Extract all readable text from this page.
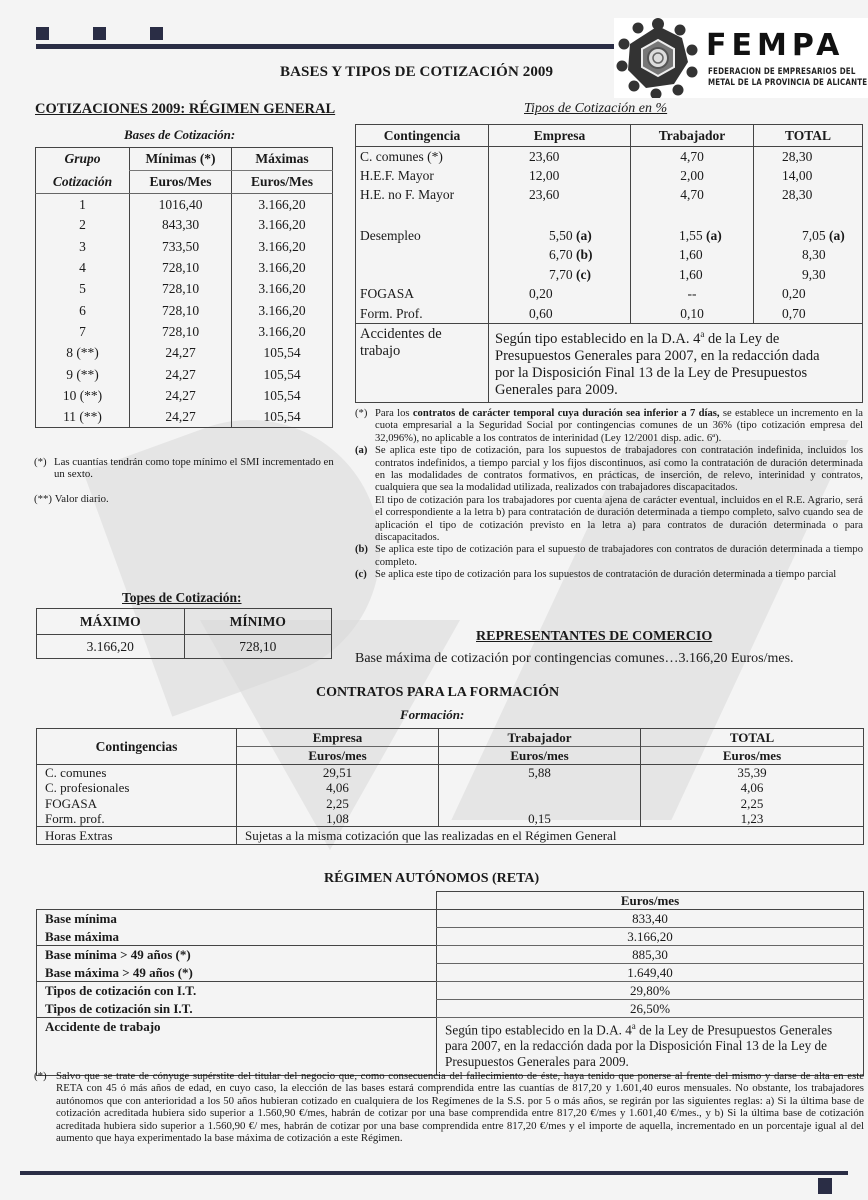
FEMPA
FEDERACION DE EMPRESARIOS DEL
METAL DE LA PROVINCIA DE ALICANTE
BASES Y TIPOS DE COTIZACIÓN 2009
COTIZACIONES 2009: RÉGIMEN GENERAL
Bases de Cotización:
Grupo	Mínimas (*)	Máximas
Cotización	Euros/Mes	Euros/Mes
1	1016,40	3.166,20
2	843,30	3.166,20
3	733,50	3.166,20
4	728,10	3.166,20
5	728,10	3.166,20
6	728,10	3.166,20
7	728,10	3.166,20
8 (**)	24,27	105,54
9 (**)	24,27	105,54
10 (**)	24,27	105,54
11 (**)	24,27	105,54
(*) Las cuantías tendrán como tope mínimo el SMI incrementado en un sexto.
(**)
Valor diario.
Topes de Cotización:
MÁXIMO	MÍNIMO
3.166,20	728,10
Tipos de Cotización en %
Contingencia	Empresa	Trabajador	TOTAL
C. comunes (*)	23,60	4,70	28,30
H.E.F. Mayor	12,00	2,00	14,00
H.E. no F. Mayor	23,60	4,70	28,30

Desempleo	5,50 (a)	1,55 (a)	7,05 (a)
	6,70 (b)	1,60	8,30
	7,70 (c)	1,60	9,30
FOGASA	0,20	--	0,20
Form. Prof.	0,60	0,10	0,70
Accidentes de trabajo	Según tipo establecido en la D.A. 4$^a$ de la Ley de Presupuestos Generales para 2007, en la redacción dada por la Disposición Final 13 de la Ley de Presupuestos Generales para 2009.		
(*) Para los contratos de carácter temporal cuya duración sea inferior a 7 días, se establece un incremento en la cuota empresarial a la Seguridad Social por contingencias comunes de un 36% (tipo cotización empresa del 32,096%), no aplicable a los contratos de interinidad (Ley 12/2001 disp. adic. 6ª).
(a) Se aplica este tipo de cotización, para los supuestos de trabajadores con contratación indefinida, incluidos los contratos indefinidos, a tiempo parcial y los fijos discontinuos, así como la contratación de duración determinada en las modalidades de contratos formativos, en prácticas, de inserción, de relevo, interinidad y contratos, cualquiera que sea la modalidad utilizada, realizados con trabajadores discapacitados.
El tipo de cotización para los trabajadores por cuenta ajena de carácter eventual, incluidos en el R.E. Agrario, será el correspondiente a la letra b) para contratación de duración determinada a tiempo completo, salvo cuando sea de aplicación el tipo de cotización previsto en la letra a) para contratos de duración determinada o para discapacitados.
(b) Se aplica este tipo de cotización para el supuesto de trabajadores con contratos de duración determinada a tiempo completo.
(c) Se aplica este tipo de cotización para los supuestos de contratación de duración determinada a tiempo parcial
REPRESENTANTES DE COMERCIO
Base máxima de cotización por contingencias comunes…3.166,20 Euros/mes.
CONTRATOS PARA LA FORMACIÓN
Formación:
Contingencias	Empresa	Trabajador	TOTAL
	Euros/mes	Euros/mes	Euros/mes
C. comunes	29,51	5,88	35,39
C. profesionales	4,06		4,06
FOGASA	2,25		2,25
Form. prof.	1,08	0,15	1,23
Horas Extras	Sujetas a la misma cotización que las realizadas en el Régimen General		
RÉGIMEN AUTÓNOMOS (RETA)
Euros/mes
Base mínima	833,40
Base máxima	3.166,20
Base mínima > 49 años (*)	885,30
Base máxima > 49 años (*)	1.649,40
Tipos de cotización con I.T.	29,80%
Tipos de cotización sin I.T.	26,50%
Accidente de trabajo	Según tipo establecido en la D.A. 4$^a$ de la Ley de Presupuestos Generales para 2007, en la redacción dada por la Disposición Final 13 de la Ley de Presupuestos Generales para 2009.
(*) Salvo que se trate de cónyuge supérstite del titular del negocio que, como consecuencia del fallecimiento de éste, haya tenido que ponerse al frente del mismo y darse de alta en este RETA con 45 ó más años de edad, en cuyo caso, la elección de las bases estará comprendida entre las cuantías de 817,20 y 1.601,40 euros mensuales. No obstante, los trabajadores autónomos que con anterioridad a los 50 años hubieran cotizado en cualquiera de los Regímenes de la S.S. por 5 o más años, se regirán por las siguientes reglas: a) Si la última base de cotización acreditada hubiera sido superior a 1.560,90 €/mes, habrán de cotizar por una base comprendida entre 817,20 €/mes y 1.601,40 €/mes., y b) Si la última base de cotización acreditada hubiera sido superior a 1.560,90 €/ mes, habrán de cotizar por una base comprendida entre 817,20 €/mes y el importe de aquella, incrementado en un porcentaje igual al del aumento que haya experimentado la base máxima de cotización a este Régimen.
